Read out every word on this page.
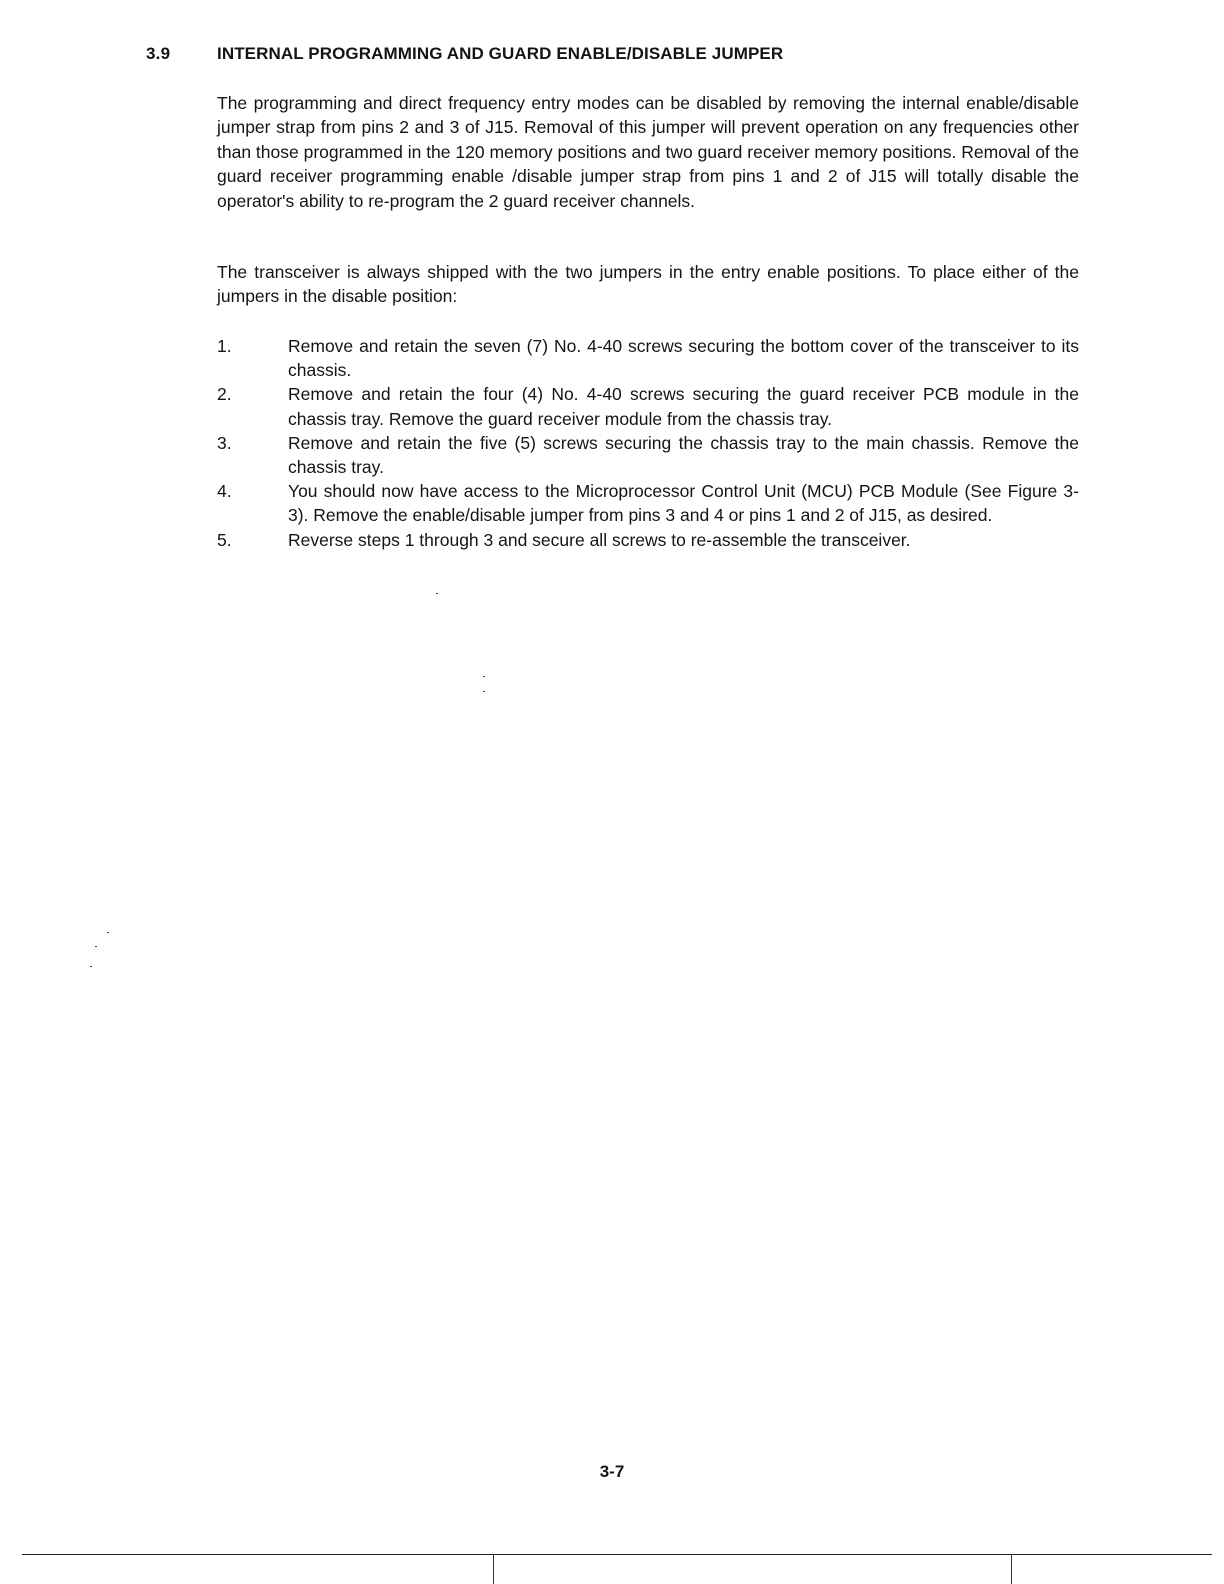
3.9	INTERNAL PROGRAMMING AND GUARD ENABLE/DISABLE JUMPER

The programming and direct frequency entry modes can be disabled by removing the internal enable/disable jumper strap from pins 2 and 3 of J15. Removal of this jumper will prevent operation on any frequencies other than those programmed in the 120 memory positions and two guard receiver memory positions. Removal of the guard receiver programming enable /disable jumper strap from pins 1 and 2 of J15 will totally disable the operator's ability to re-program the 2 guard receiver channels.

The transceiver is always shipped with the two jumpers in the entry enable positions. To place either of the jumpers in the disable position:

1.	Remove and retain the seven (7) No. 4-40 screws securing the bottom cover of the transceiver to its chassis.
2.	Remove and retain the four (4) No. 4-40 screws securing the guard receiver PCB module in the chassis tray. Remove the guard receiver module from the chassis tray.
3.	Remove and retain the five (5) screws securing the chassis tray to the main chassis. Remove the chassis tray.
4.	You should now have access to the Microprocessor Control Unit (MCU) PCB Module (See Figure 3-3). Remove the enable/disable jumper from pins 3 and 4 or pins 1 and 2 of J15, as desired.
5.	Reverse steps 1 through 3 and secure all screws to re-assemble the transceiver.
3-7
